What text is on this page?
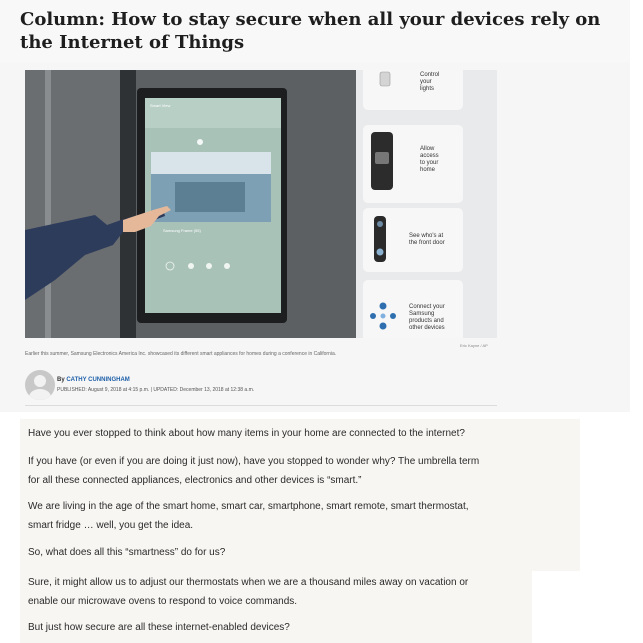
Column: How to stay secure when all your devices rely on the Internet of Things
Smart View
Samsung Frame (55)
Control
your
lights
Allow
access
to your
home
See who's at
the front door
Connect your
Samsung
products and
other devices
Eric Kayne / AP
Earlier this summer, Samsung Electronics America Inc. showcased its different smart appliances for homes during a conference in California.
By CATHY CUNNINGHAM
PUBLISHED: August 9, 2018 at 4:15 p.m. | UPDATED: December 13, 2018 at 12:38 a.m.

Have you ever stopped to think about how many items in your home are connected to the internet?

If you have (or even if you are doing it just now), have you stopped to wonder why? The umbrella term
for all these connected appliances, electronics and other devices is “smart.”

We are living in the age of the smart home, smart car, smartphone, smart remote, smart thermostat,
smart fridge … well, you get the idea.

So, what does all this “smartness” do for us?

Sure, it might allow us to adjust our thermostats when we are a thousand miles away on vacation or
enable our microwave ovens to respond to voice commands.

But just how secure are all these internet-enabled devices?
